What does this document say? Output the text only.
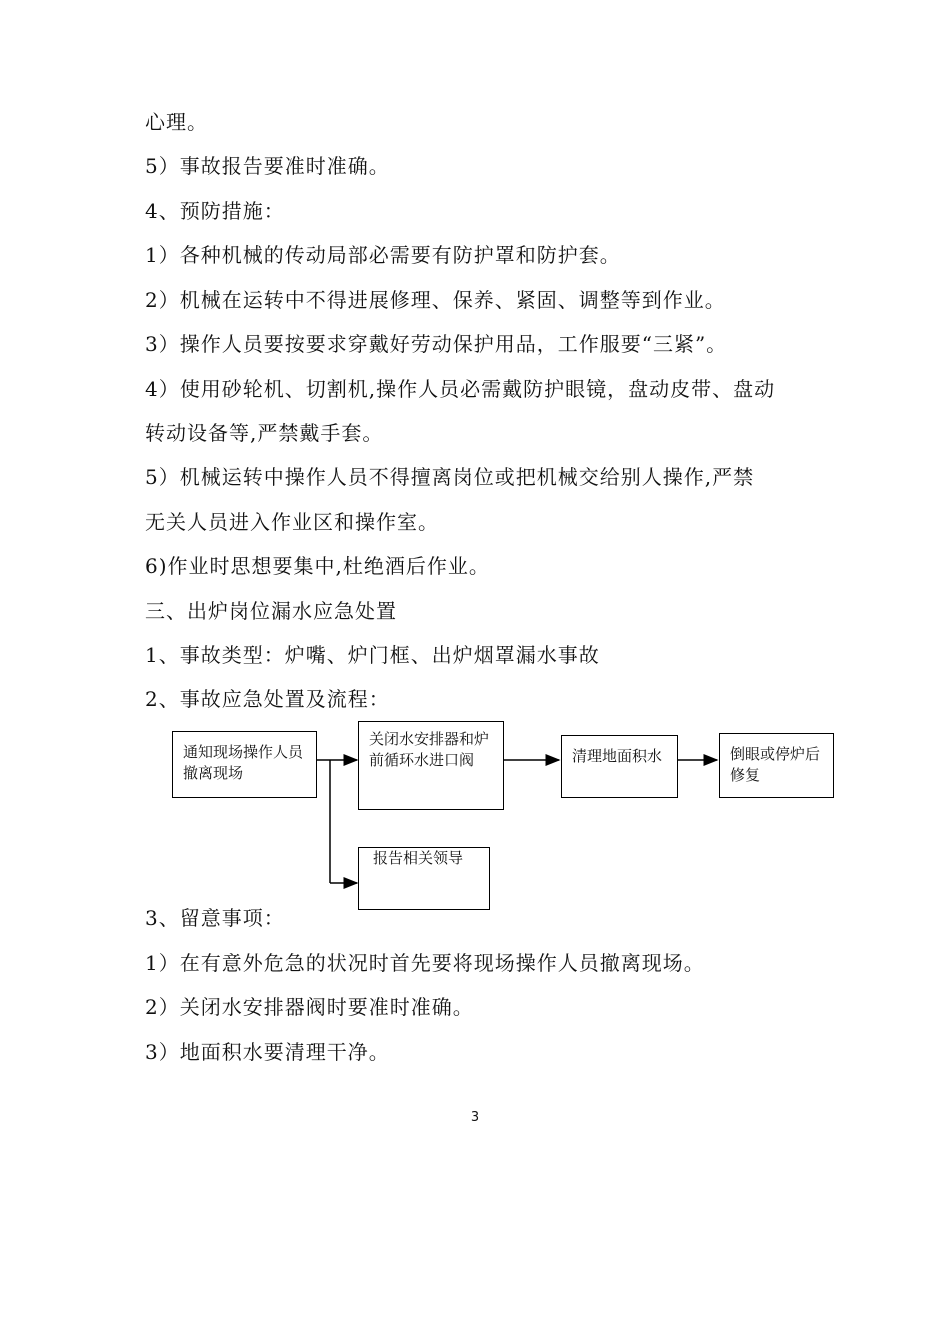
心理。
5）事故报告要准时准确。
4、预防措施：
1）各种机械的传动局部必需要有防护罩和防护套。
2）机械在运转中不得进展修理、保养、紧固、调整等到作业。
3）操作人员要按要求穿戴好劳动保护用品，工作服要“三紧”。
4）使用砂轮机、切割机,操作人员必需戴防护眼镜，盘动皮带、盘动
转动设备等,严禁戴手套。
5）机械运转中操作人员不得擅离岗位或把机械交给别人操作,严禁
无关人员进入作业区和操作室。
6)作业时思想要集中,杜绝酒后作业。
三、出炉岗位漏水应急处置
1、事故类型：炉嘴、炉门框、出炉烟罩漏水事故
2、事故应急处置及流程：
通知现场操作人员撤离现场
关闭水安排器和炉前循环水进口阀	清理地面积水	倒眼或停炉后修复
报告相关领导
3、留意事项：
1）在有意外危急的状况时首先要将现场操作人员撤离现场。
2）关闭水安排器阀时要准时准确。
3）地面积水要清理干净。
3
